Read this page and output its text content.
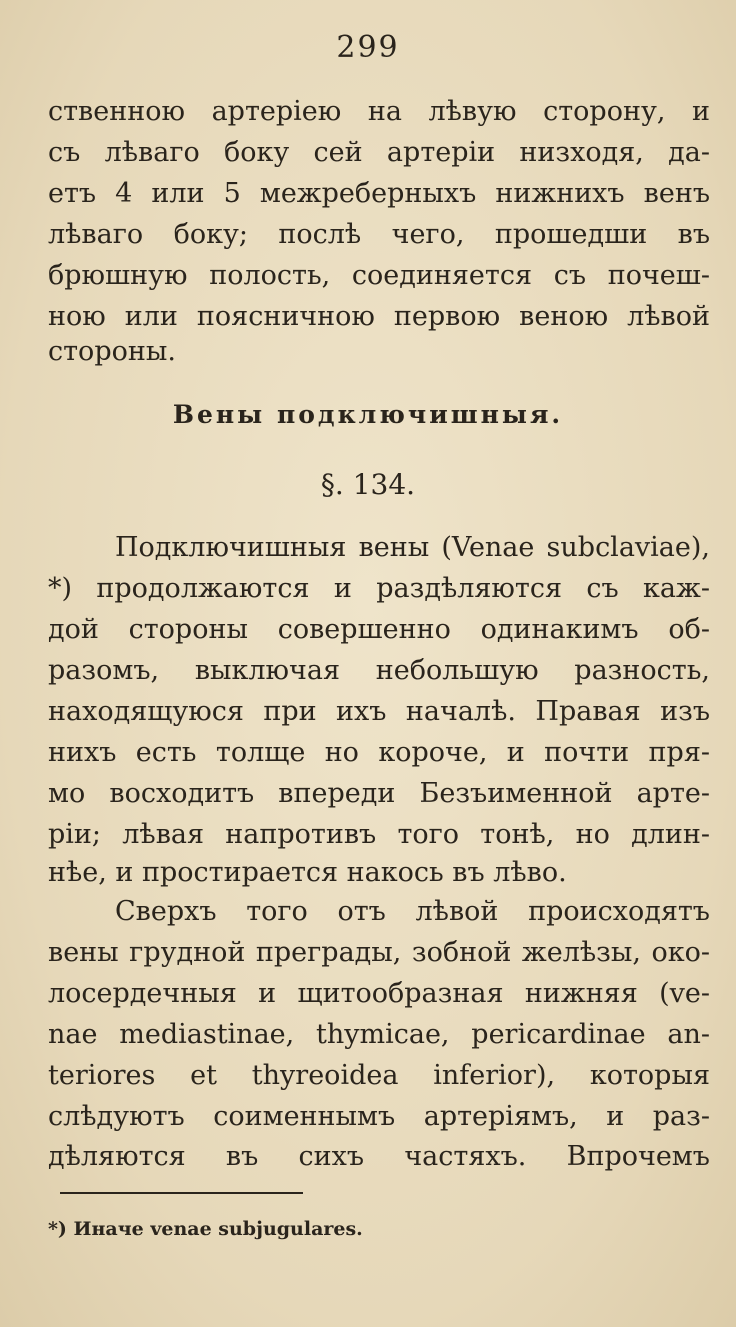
299
ственною артеріею на лѣвую сторону, и
съ лѣваго боку сей артеріи низходя, да-
етъ 4 или 5 межреберныхъ нижнихъ венъ
лѣваго боку; послѣ чего, прошедши въ
брюшную полость, соединяется съ почеш-
ною или поясничною первою веною лѣвой
стороны.
Вены подключишныя.
§. 134.
Подключишныя вены (Venae subclaviae),
*) продолжаются и раздѣляются съ каж-
дой стороны совершенно одинакимъ об-
разомъ, выключая небольшую разность,
находящуюся при ихъ началѣ. Правая изъ
нихъ есть толще но короче, и почти пря-
мо восходитъ впереди Безъименной арте-
ріи; лѣвая напротивъ того тонѣ, но длин-
нѣе, и простирается накось въ лѣво.
Сверхъ того отъ лѣвой происходятъ
вены грудной преграды, зобной желѣзы, око-
лосердечныя и щитообразная нижняя (ve-
nae mediastinae, thymicae, pericardinae an-
teriores et thyreoidea inferior), которыя
слѣдуютъ соименнымъ артеріямъ, и раз-
дѣляются въ сихъ частяхъ. Впрочемъ
*) Иначе venae subjugulares.
